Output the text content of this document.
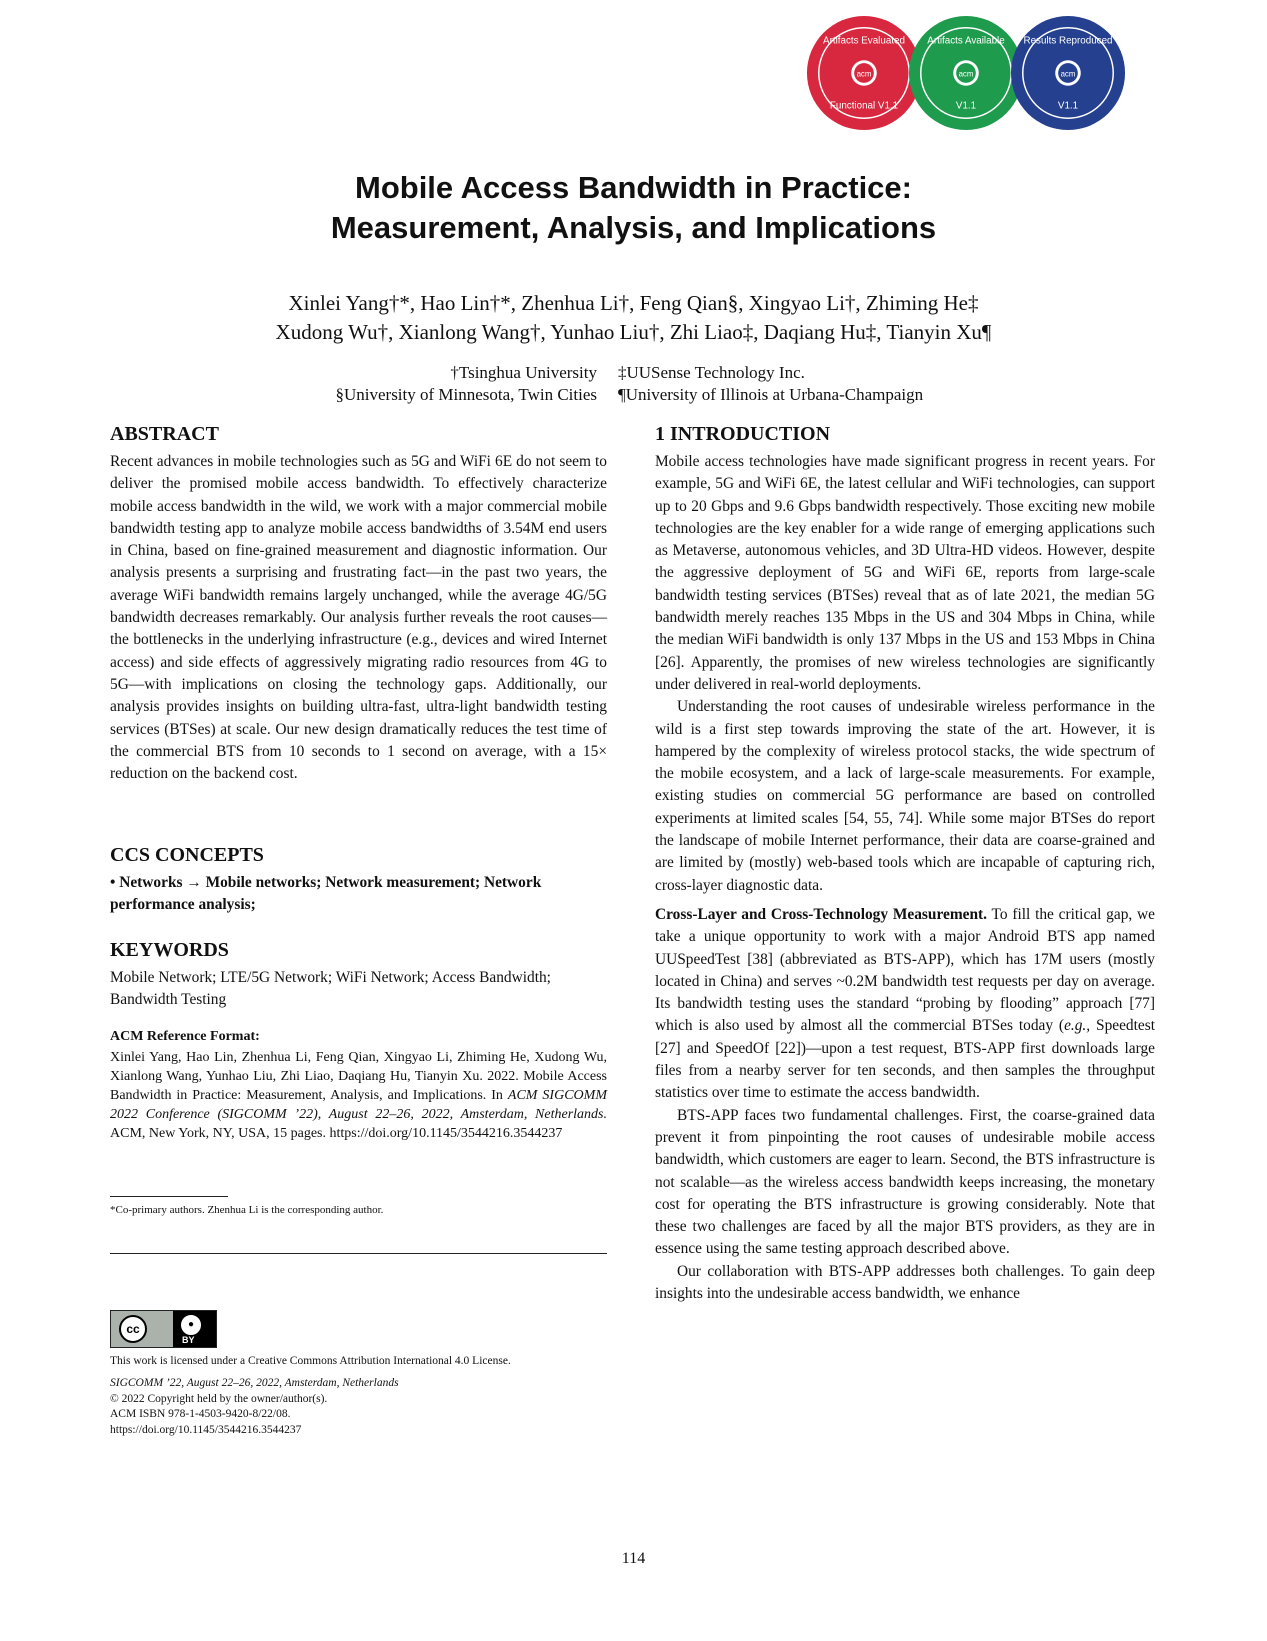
acm
Artifacts Evaluated
Functional V1.1
acm
Artifacts Available
V1.1
acm
Results Reproduced
V1.1
Mobile Access Bandwidth in Practice:
Measurement, Analysis, and Implications
Xinlei Yang†*, Hao Lin†*, Zhenhua Li†, Feng Qian§, Xingyao Li†, Zhiming He‡
Xudong Wu†, Xianlong Wang†, Yunhao Liu†, Zhi Liao‡, Daqiang Hu‡, Tianyin Xu¶
†Tsinghua University
§University of Minnesota, Twin Cities
‡UUSense Technology Inc.
¶University of Illinois at Urbana-Champaign
ABSTRACT
Recent advances in mobile technologies such as 5G and WiFi 6E do not seem to deliver the promised mobile access bandwidth. To effectively characterize mobile access bandwidth in the wild, we work with a major commercial mobile bandwidth testing app to analyze mobile access bandwidths of 3.54M end users in China, based on fine-grained measurement and diagnostic information. Our analysis presents a surprising and frustrating fact—in the past two years, the average WiFi bandwidth remains largely unchanged, while the average 4G/5G bandwidth decreases remarkably. Our analysis further reveals the root causes—the bottlenecks in the underlying infrastructure (e.g., devices and wired Internet access) and side effects of aggressively migrating radio resources from 4G to 5G—with implications on closing the technology gaps. Additionally, our analysis provides insights on building ultra-fast, ultra-light bandwidth testing services (BTSes) at scale. Our new design dramatically reduces the test time of the commercial BTS from 10 seconds to 1 second on average, with a 15× reduction on the backend cost.
CCS CONCEPTS
• Networks → Mobile networks; Network measurement; Network performance analysis;
KEYWORDS
Mobile Network; LTE/5G Network; WiFi Network; Access Bandwidth; Bandwidth Testing
ACM Reference Format:
Xinlei Yang, Hao Lin, Zhenhua Li, Feng Qian, Xingyao Li, Zhiming He, Xudong Wu, Xianlong Wang, Yunhao Liu, Zhi Liao, Daqiang Hu, Tianyin Xu. 2022. Mobile Access Bandwidth in Practice: Measurement, Analysis, and Implications. In ACM SIGCOMM 2022 Conference (SIGCOMM ’22), August 22–26, 2022, Amsterdam, Netherlands. ACM, New York, NY, USA, 15 pages. https://doi.org/10.1145/3544216.3544237
*Co-primary authors. Zhenhua Li is the corresponding author.
cc	●
BY
This work is licensed under a Creative Commons Attribution International 4.0 License.
SIGCOMM ’22, August 22–26, 2022, Amsterdam, Netherlands
© 2022 Copyright held by the owner/author(s).
ACM ISBN 978-1-4503-9420-8/22/08.
https://doi.org/10.1145/3544216.3544237
1 INTRODUCTION

Mobile access technologies have made significant progress in recent years. For example, 5G and WiFi 6E, the latest cellular and WiFi technologies, can support up to 20 Gbps and 9.6 Gbps bandwidth respectively. Those exciting new mobile technologies are the key enabler for a wide range of emerging applications such as Metaverse, autonomous vehicles, and 3D Ultra-HD videos. However, despite the aggressive deployment of 5G and WiFi 6E, reports from large-scale bandwidth testing services (BTSes) reveal that as of late 2021, the median 5G bandwidth merely reaches 135 Mbps in the US and 304 Mbps in China, while the median WiFi bandwidth is only 137 Mbps in the US and 153 Mbps in China [26]. Apparently, the promises of new wireless technologies are significantly under delivered in real-world deployments.

Understanding the root causes of undesirable wireless performance in the wild is a first step towards improving the state of the art. However, it is hampered by the complexity of wireless protocol stacks, the wide spectrum of the mobile ecosystem, and a lack of large-scale measurements. For example, existing studies on commercial 5G performance are based on controlled experiments at limited scales [54, 55, 74]. While some major BTSes do report the landscape of mobile Internet performance, their data are coarse-grained and are limited by (mostly) web-based tools which are incapable of capturing rich, cross-layer diagnostic data.

Cross-Layer and Cross-Technology Measurement. To fill the critical gap, we take a unique opportunity to work with a major Android BTS app named UUSpeedTest [38] (abbreviated as BTS-APP), which has 17M users (mostly located in China) and serves ~0.2M bandwidth test requests per day on average. Its bandwidth testing uses the standard “probing by flooding” approach [77] which is also used by almost all the commercial BTSes today (e.g., Speedtest [27] and SpeedOf [22])—upon a test request, BTS-APP first downloads large files from a nearby server for ten seconds, and then samples the throughput statistics over time to estimate the access bandwidth.

BTS-APP faces two fundamental challenges. First, the coarse-grained data prevent it from pinpointing the root causes of undesirable mobile access bandwidth, which customers are eager to learn. Second, the BTS infrastructure is not scalable—as the wireless access bandwidth keeps increasing, the monetary cost for operating the BTS infrastructure is growing considerably. Note that these two challenges are faced by all the major BTS providers, as they are in essence using the same testing approach described above.

Our collaboration with BTS-APP addresses both challenges. To gain deep insights into the undesirable access bandwidth, we enhance

114
